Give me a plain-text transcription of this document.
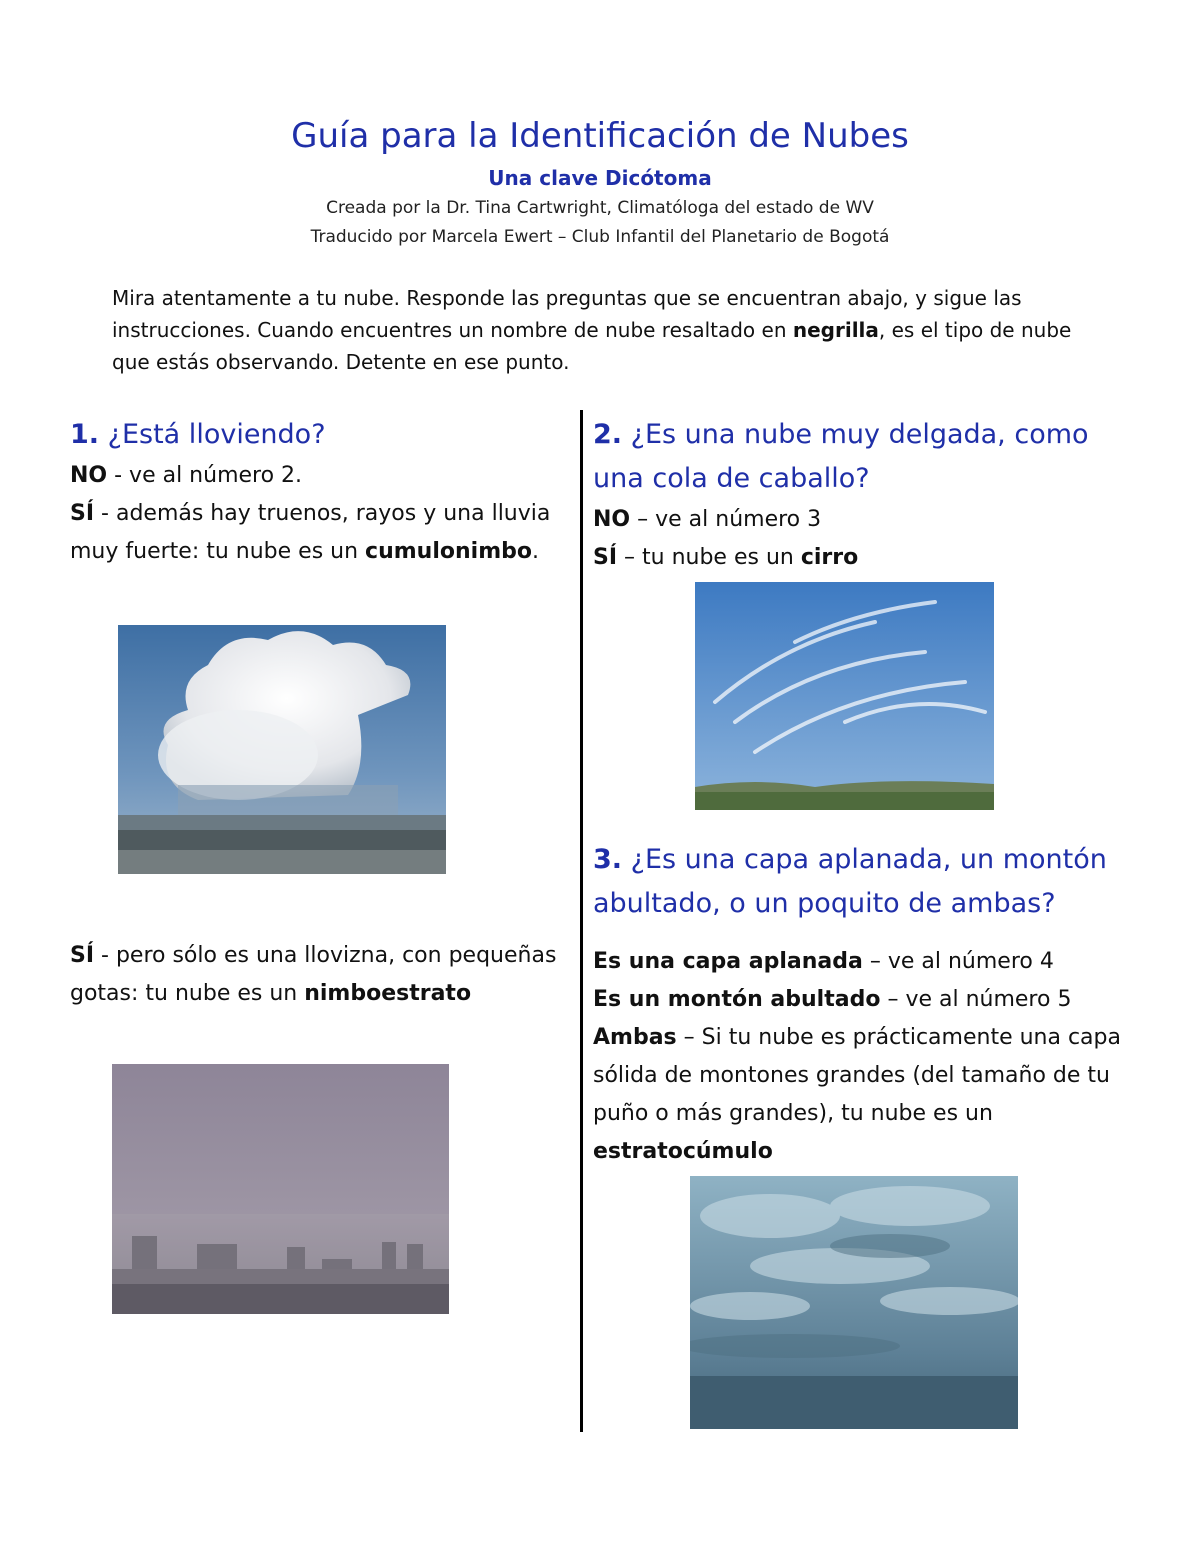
Guía para la Identificación de Nubes
Una clave Dicótoma
Creada por la Dr. Tina Cartwright, Climatóloga del estado de WV
Traducido por Marcela Ewert – Club Infantil del Planetario de Bogotá
Mira atentamente a tu nube. Responde las preguntas que se encuentran abajo, y sigue las instrucciones. Cuando encuentres un nombre de nube resaltado en negrilla, es el tipo de nube que estás observando. Detente en ese punto.
1. ¿Está lloviendo?
NO - ve al número 2.
SÍ - además hay truenos, rayos y una lluvia muy fuerte: tu nube es un cumulonimbo.
SÍ - pero sólo es una llovizna, con pequeñas gotas: tu nube es un nimboestrato
2. ¿Es una nube muy delgada, como una cola de caballo?
NO – ve al número 3
SÍ – tu nube es un cirro
3. ¿Es una capa aplanada, un montón abultado, o un poquito de ambas?
Es una capa aplanada – ve al número 4
Es un montón abultado – ve al número 5
Ambas – Si tu nube es prácticamente una capa sólida de montones grandes (del tamaño de tu puño o más grandes), tu nube es un estratocúmulo
